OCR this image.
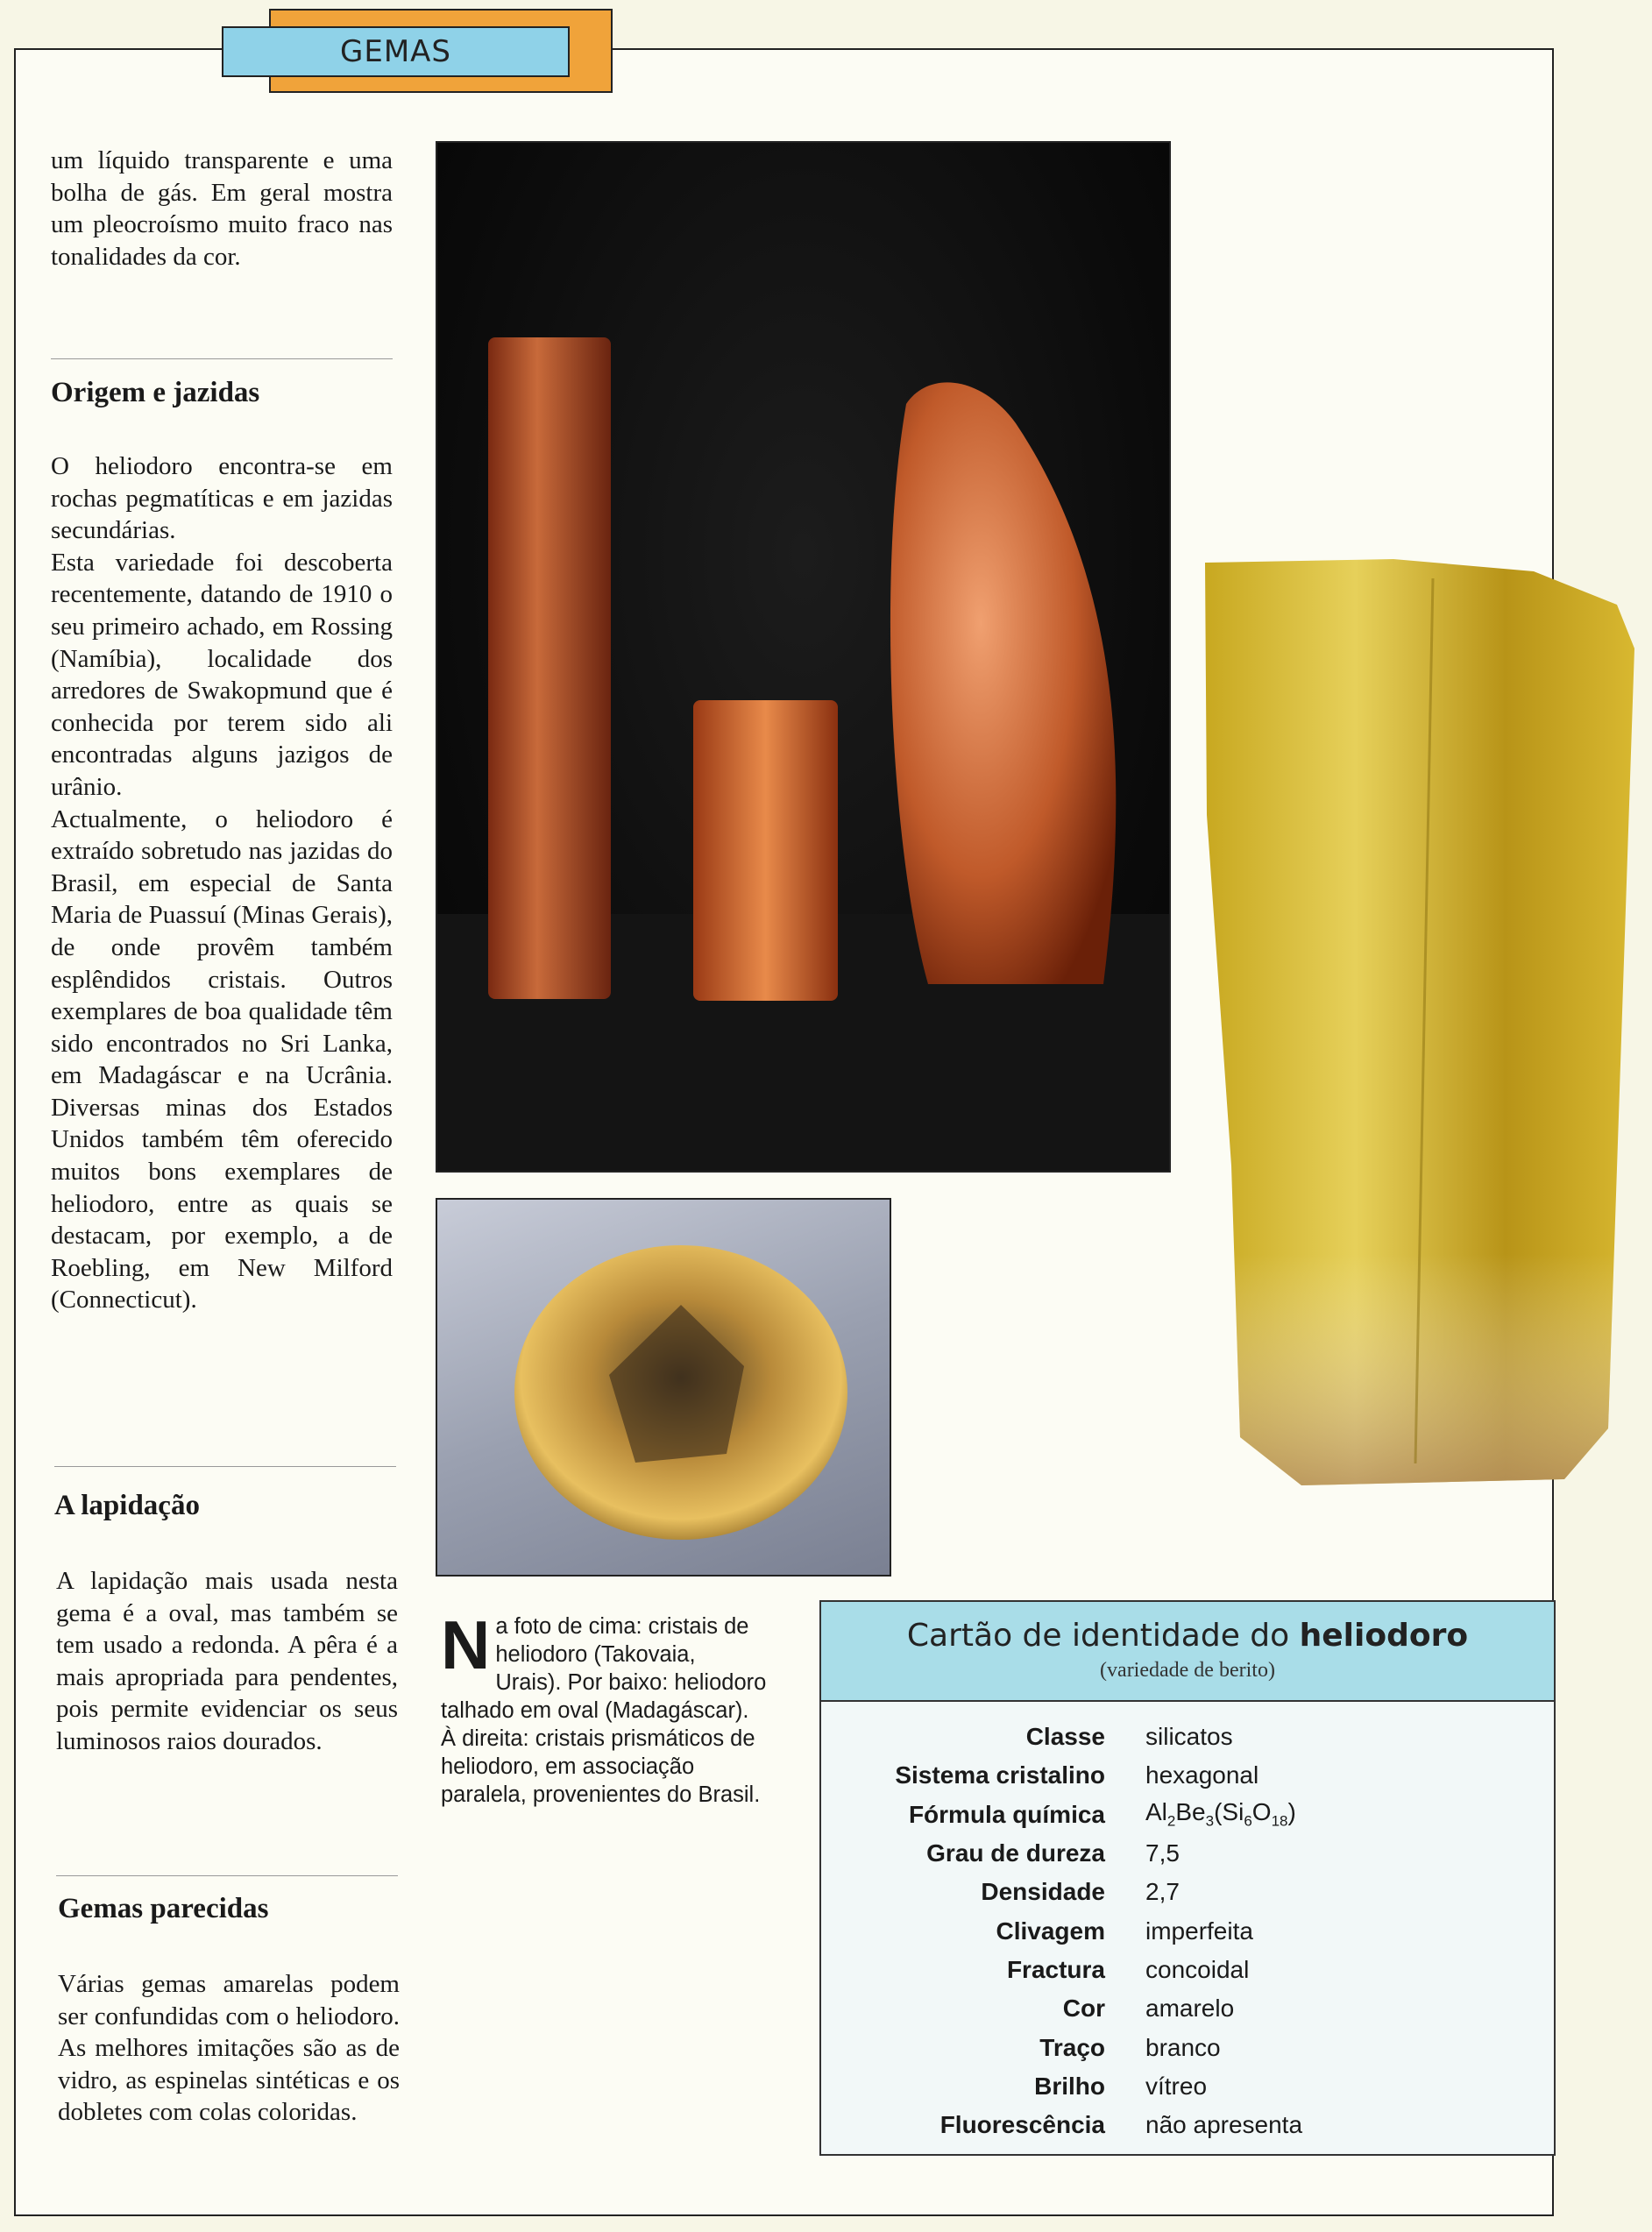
GEMAS

um líquido transparente e uma bolha de gás. Em geral mostra um pleocroísmo muito fraco nas tonalidades da cor.

Origem e jazidas

O heliodoro encontra-se em rochas pegmatíticas e em jazidas secundárias.

Esta variedade foi descoberta recentemente, datando de 1910 o seu primeiro achado, em Rossing (Namíbia), localidade dos arredores de Swakopmund que é conhecida por terem sido ali encontradas alguns jazigos de urânio.

Actualmente, o heliodoro é extraído sobretudo nas jazidas do Brasil, em especial de Santa Maria de Puassuí (Minas Gerais), de onde provêm também esplêndidos cristais. Outros exemplares de boa qualidade têm sido encontrados no Sri Lanka, em Madagáscar e na Ucrânia. Diversas minas dos Estados Unidos também têm oferecido muitos bons exemplares de heliodoro, entre as quais se destacam, por exemplo, a de Roebling, em New Milford (Connecticut).

A lapidação

A lapidação mais usada nesta gema é a oval, mas também se tem usado a redonda. A pêra é a mais apropriada para pendentes, pois permite evidenciar os seus luminosos raios dourados.

Gemas parecidas

Várias gemas amarelas podem ser confundidas com o heliodoro. As melhores imitações são as de vidro, as espinelas sintéticas e os dobletes com colas coloridas.

Na foto de cima: cristais de heliodoro (Takovaia, Urais). Por baixo: heliodoro talhado em oval (Madagáscar). À direita: cristais prismáticos de heliodoro, em associação paralela, provenientes do Brasil.
Cartão de identidade do heliodoro
(variedade de berito)
Classe	silicatos
Sistema cristalino	hexagonal
Fórmula química	$Al_2Be_3(Si_6O_{18})$
Grau de dureza	7,5
Densidade	2,7
Clivagem	imperfeita
Fractura	concoidal
Cor	amarelo
Traço	branco
Brilho	vítreo
Fluorescência	não apresenta
